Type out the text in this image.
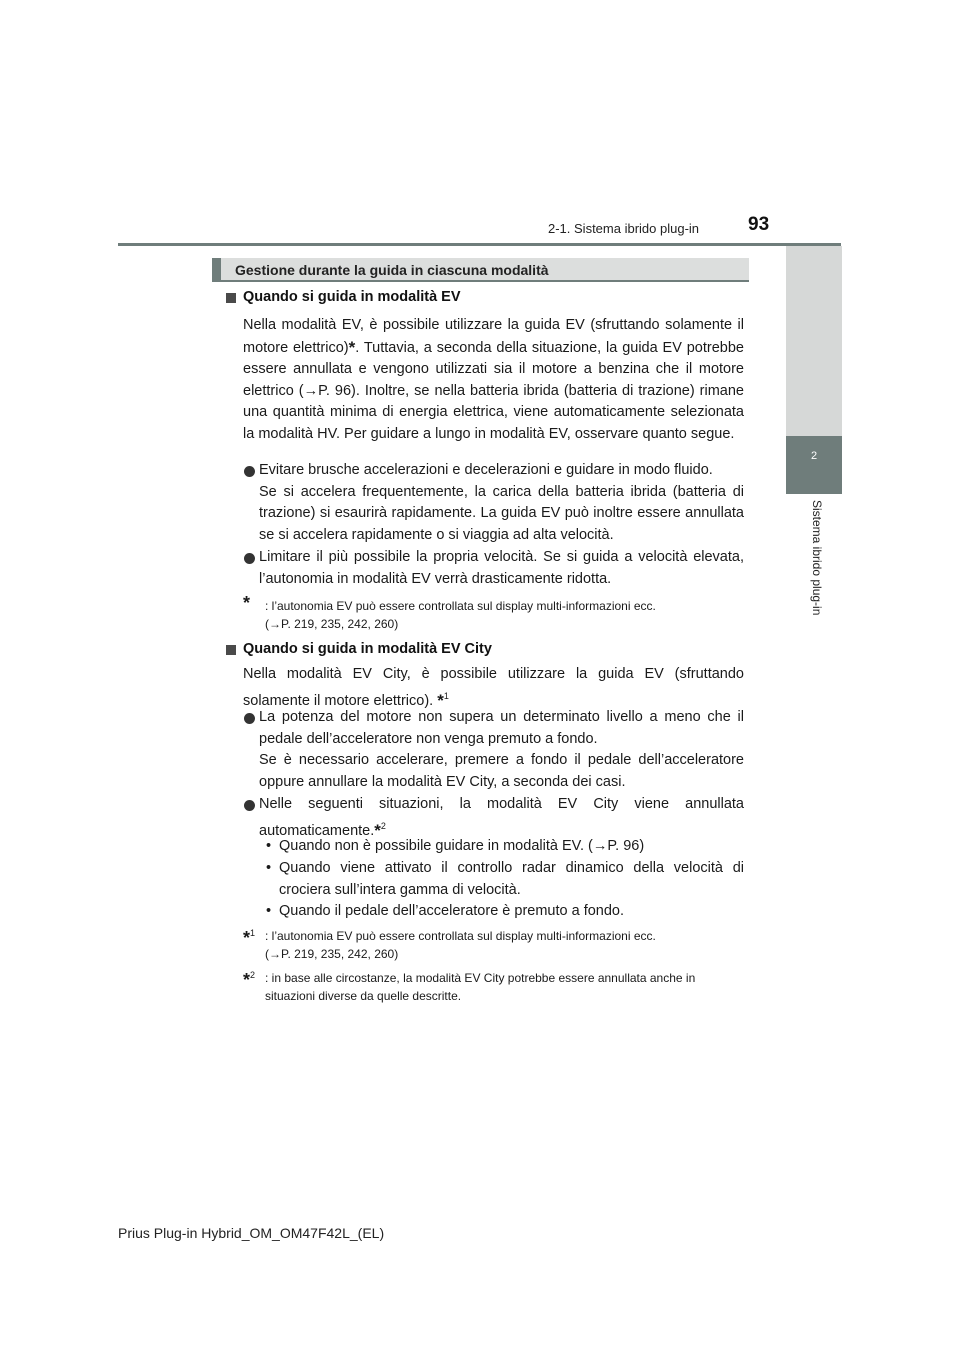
2-1. Sistema ibrido plug-in	93
2
Sistema ibrido plug-in
Gestione durante la guida in ciascuna modalità
Quando si guida in modalità EV
Nella modalità EV, è possibile utilizzare la guida EV (sfruttando solamente il motore elettrico)*. Tuttavia, a seconda della situazione, la guida EV potrebbe essere annullata e vengono utilizzati sia il motore a benzina che il motore elettrico (→P. 96). Inoltre, se nella batteria ibrida (batteria di trazione) rimane una quantità minima di energia elettrica, viene automaticamente selezionata la modalità HV. Per guidare a lungo in modalità EV, osservare quanto segue.
Evitare brusche accelerazioni e decelerazioni e guidare in modo fluido.
Se si accelera frequentemente, la carica della batteria ibrida (batteria di trazione) si esaurirà rapidamente. La guida EV può inoltre essere annullata se si accelera rapidamente o si viaggia ad alta velocità.
Limitare il più possibile la propria velocità. Se si guida a velocità elevata, l’autonomia in modalità EV verrà drasticamente ridotta.
* : l’autonomia EV può essere controllata sul display multi-informazioni ecc.
(→P. 219, 235, 242, 260)
Quando si guida in modalità EV City
Nella modalità EV City, è possibile utilizzare la guida EV (sfruttando solamente il motore elettrico). *$^1$
La potenza del motore non supera un determinato livello a meno che il pedale dell’acceleratore non venga premuto a fondo.
Se è necessario accelerare, premere a fondo il pedale dell’acceleratore oppure annullare la modalità EV City, a seconda dei casi.
Nelle seguenti situazioni, la modalità EV City viene annullata automaticamente.*$^2$
• Quando non è possibile guidare in modalità EV. (→P. 96)
• Quando viene attivato il controllo radar dinamico della velocità di crociera sull’intera gamma di velocità.
• Quando il pedale dell’acceleratore è premuto a fondo.
*$^1$ : l’autonomia EV può essere controllata sul display multi-informazioni ecc.
(→P. 219, 235, 242, 260)
*$^2$ : in base alle circostanze, la modalità EV City potrebbe essere annullata anche in situazioni diverse da quelle descritte.
Prius Plug-in Hybrid_OM_OM47F42L_(EL)
